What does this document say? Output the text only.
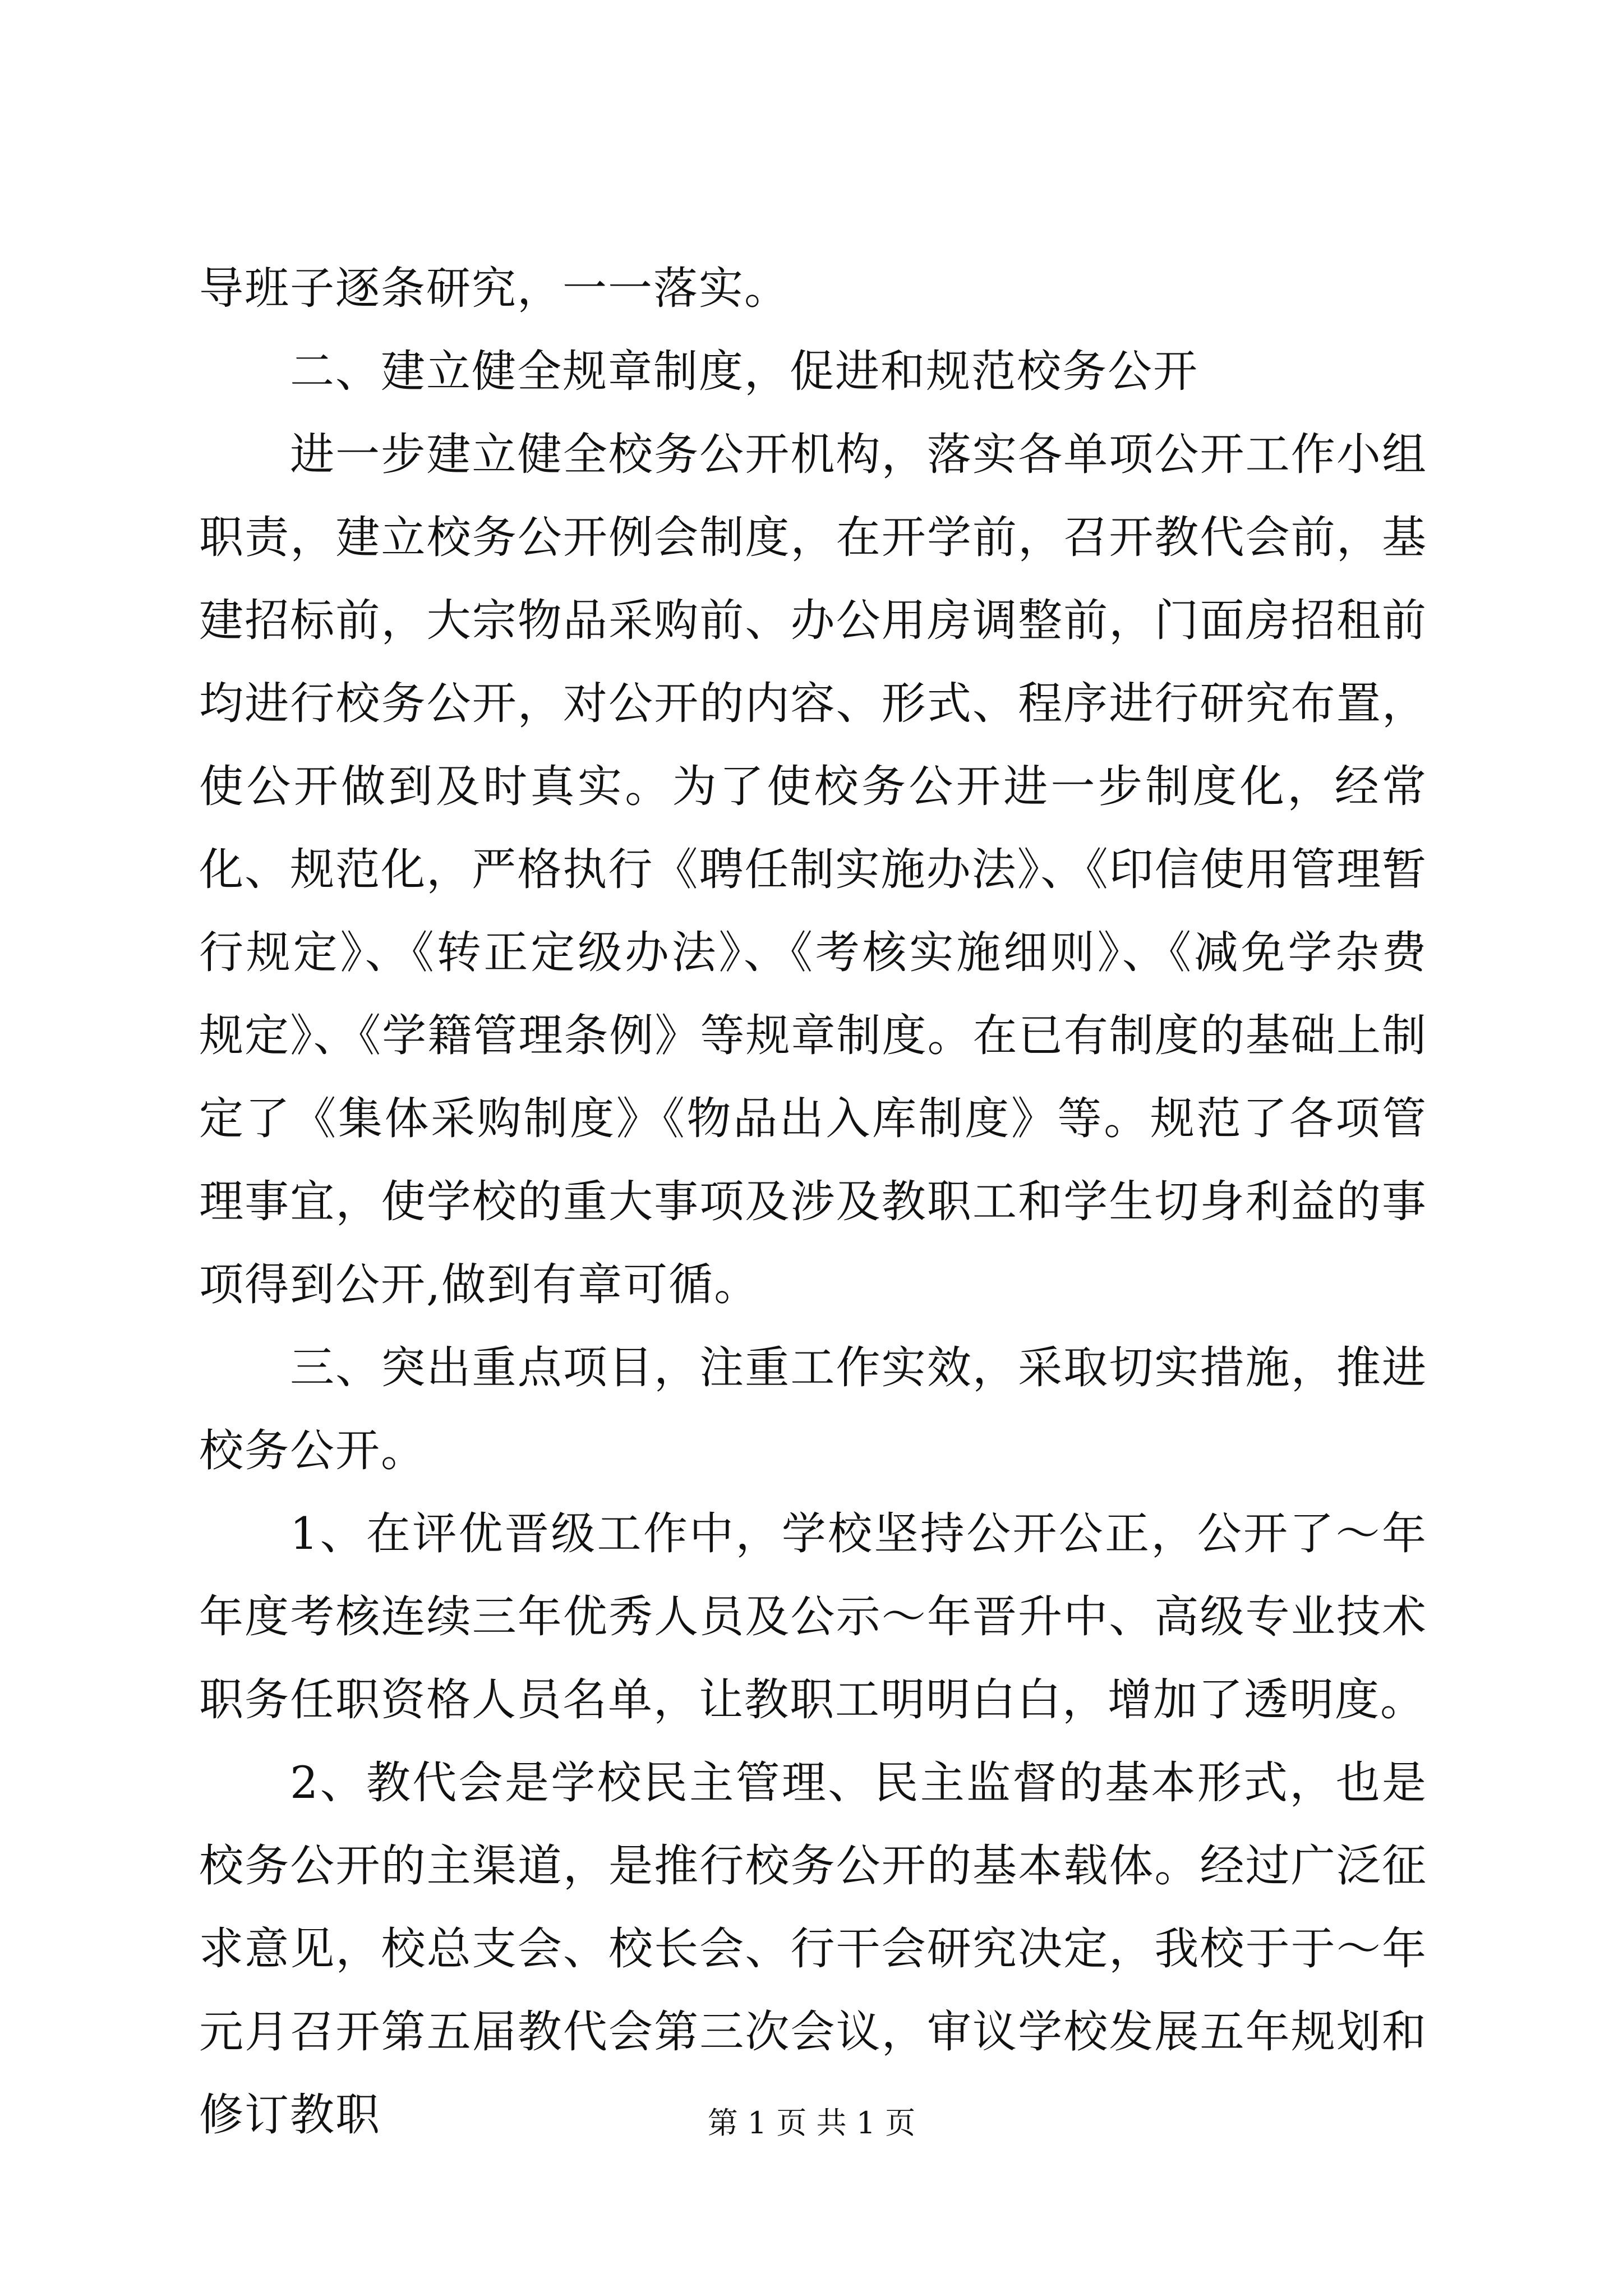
导班子逐条研究，一一落实。

二、建立健全规章制度，促进和规范校务公开

进一步建立健全校务公开机构，落实各单项公开工作小组职责，建立校务公开例会制度，在开学前，召开教代会前，基建招标前，大宗物品采购前、办公用房调整前，门面房招租前均进行校务公开，对公开的内容、形式、程序进行研究布置，使公开做到及时真实。为了使校务公开进一步制度化，经常化、规范化，严格执行《聘任制实施办法》、《印信使用管理暂行规定》、《转正定级办法》、《考核实施细则》、《减免学杂费规定》、《学籍管理条例》等规章制度。在已有制度的基础上制定了《集体采购制度》《物品出入库制度》等。规范了各项管理事宜，使学校的重大事项及涉及教职工和学生切身利益的事项得到公开,做到有章可循。

三、突出重点项目，注重工作实效，采取切实措施，推进校务公开。

1、在评优晋级工作中，学校坚持公开公正，公开了～年年度考核连续三年优秀人员及公示～年晋升中、高级专业技术职务任职资格人员名单，让教职工明明白白，增加了透明度。

2、教代会是学校民主管理、民主监督的基本形式，也是校务公开的主渠道，是推行校务公开的基本载体。经过广泛征求意见，校总支会、校长会、行干会研究决定，我校于于～年元月召开第五届教代会第三次会议，审议学校发展五年规划和修订教职	第 1 页 共 1 页
